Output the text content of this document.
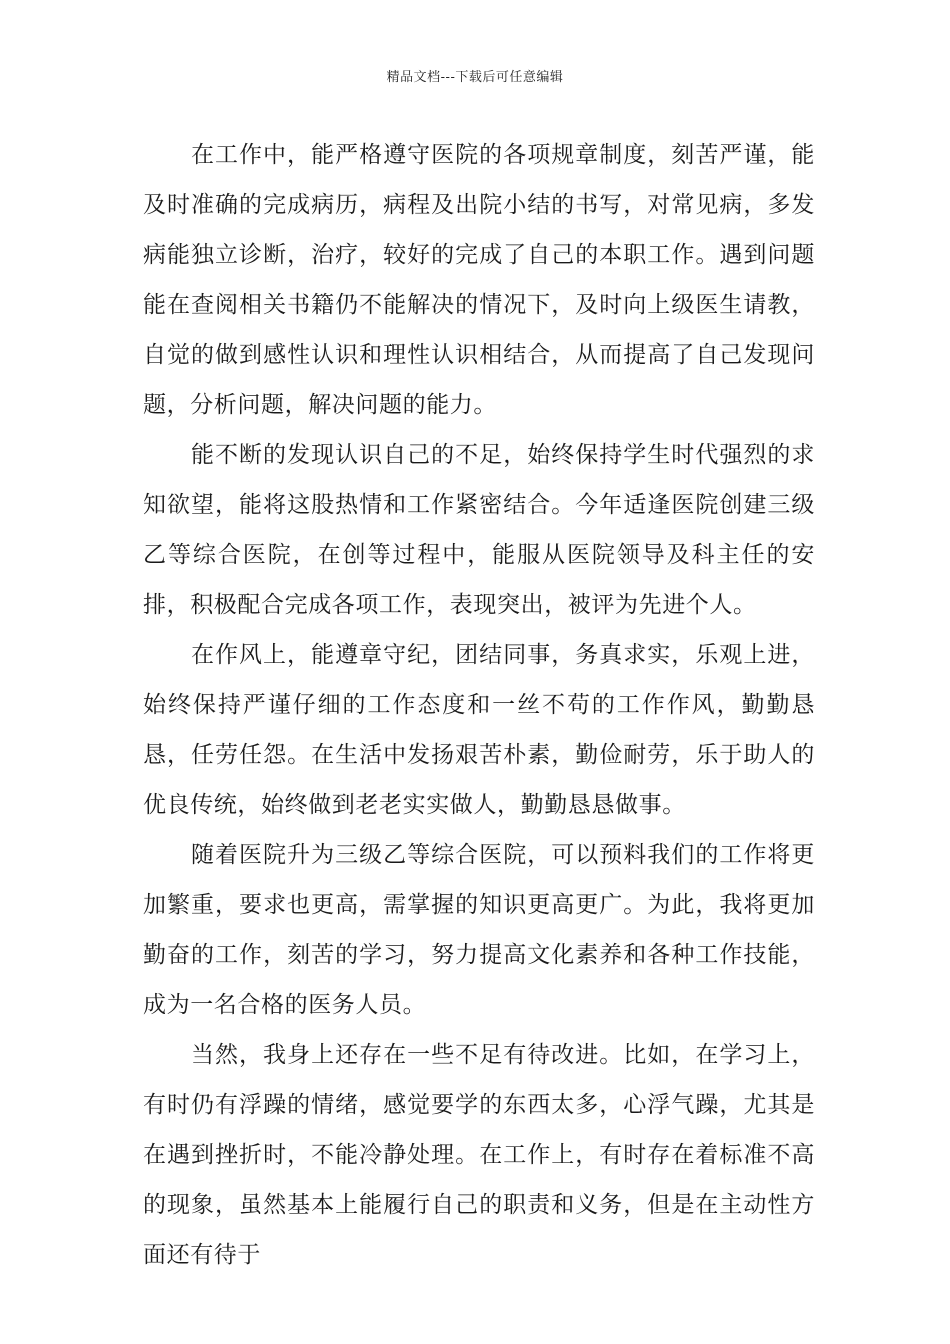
精品文档---下载后可任意编辑

在工作中，能严格遵守医院的各项规章制度，刻苦严谨，能及时准确的完成病历，病程及出院小结的书写，对常见病，多发病能独立诊断，治疗，较好的完成了自己的本职工作。遇到问题能在查阅相关书籍仍不能解决的情况下，及时向上级医生请教，自觉的做到感性认识和理性认识相结合，从而提高了自己发现问题，分析问题，解决问题的能力。

能不断的发现认识自己的不足，始终保持学生时代强烈的求知欲望，能将这股热情和工作紧密结合。今年适逢医院创建三级乙等综合医院，在创等过程中，能服从医院领导及科主任的安排，积极配合完成各项工作，表现突出，被评为先进个人。

在作风上，能遵章守纪，团结同事，务真求实，乐观上进，始终保持严谨仔细的工作态度和一丝不苟的工作作风，勤勤恳恳，任劳任怨。在生活中发扬艰苦朴素，勤俭耐劳，乐于助人的优良传统，始终做到老老实实做人，勤勤恳恳做事。

随着医院升为三级乙等综合医院，可以预料我们的工作将更加繁重，要求也更高，需掌握的知识更高更广。为此，我将更加勤奋的工作，刻苦的学习，努力提高文化素养和各种工作技能，成为一名合格的医务人员。

当然，我身上还存在一些不足有待改进。比如，在学习上，有时仍有浮躁的情绪，感觉要学的东西太多，心浮气躁，尤其是在遇到挫折时，不能冷静处理。在工作上，有时存在着标准不高的现象，虽然基本上能履行自己的职责和义务，但是在主动性方面还有待于
